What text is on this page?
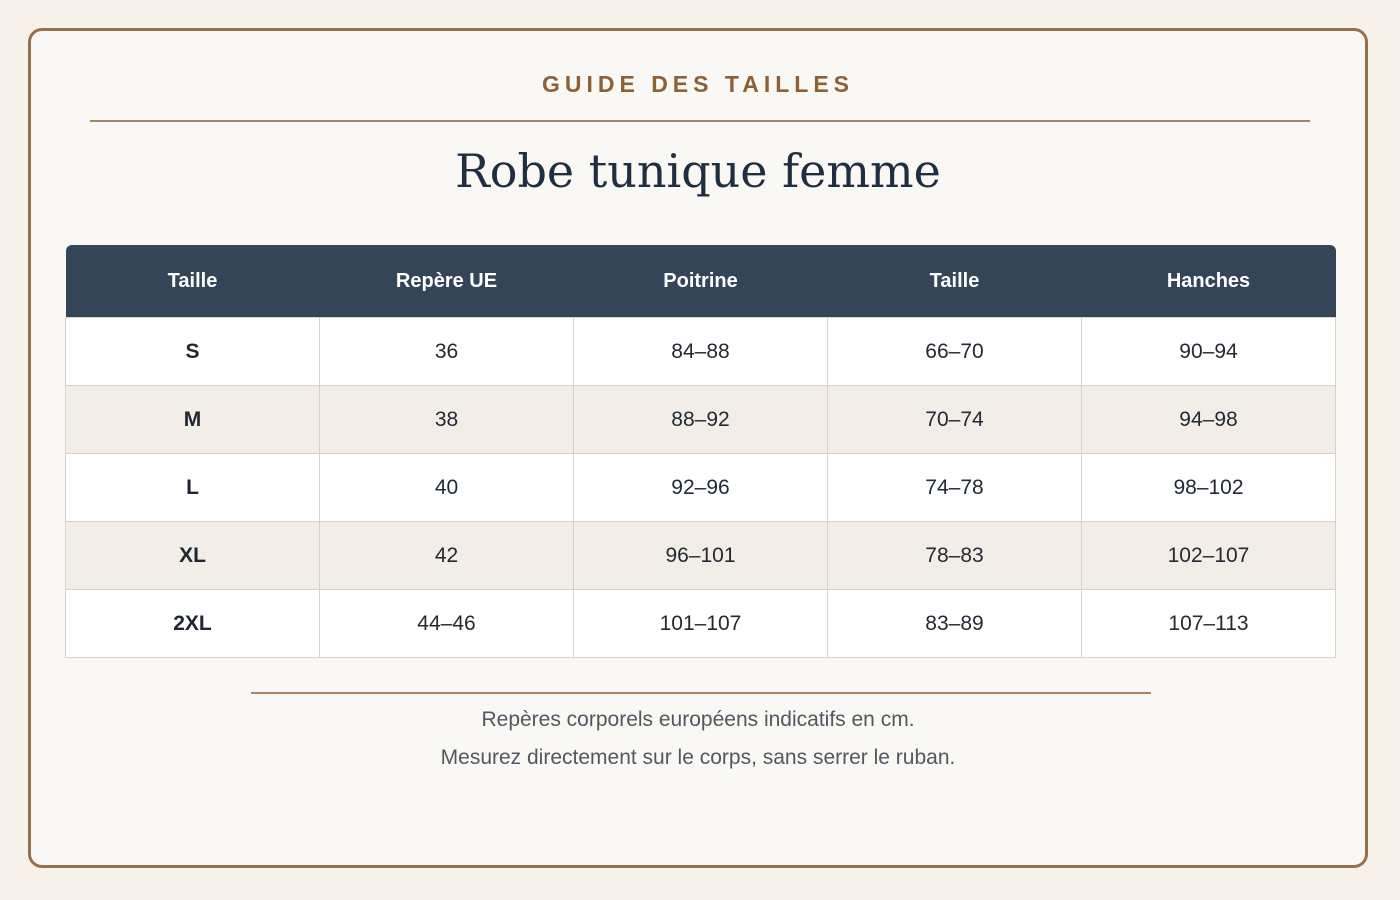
GUIDE DES TAILLES
Robe tunique femme
Taille	Repère UE	Poitrine	Taille	Hanches
S	36	84–88	66–70	90–94
M	38	88–92	70–74	94–98
L	40	92–96	74–78	98–102
XL	42	96–101	78–83	102–107
2XL	44–46	101–107	83–89	107–113
Repères corporels européens indicatifs en cm.
Mesurez directement sur le corps, sans serrer le ruban.
